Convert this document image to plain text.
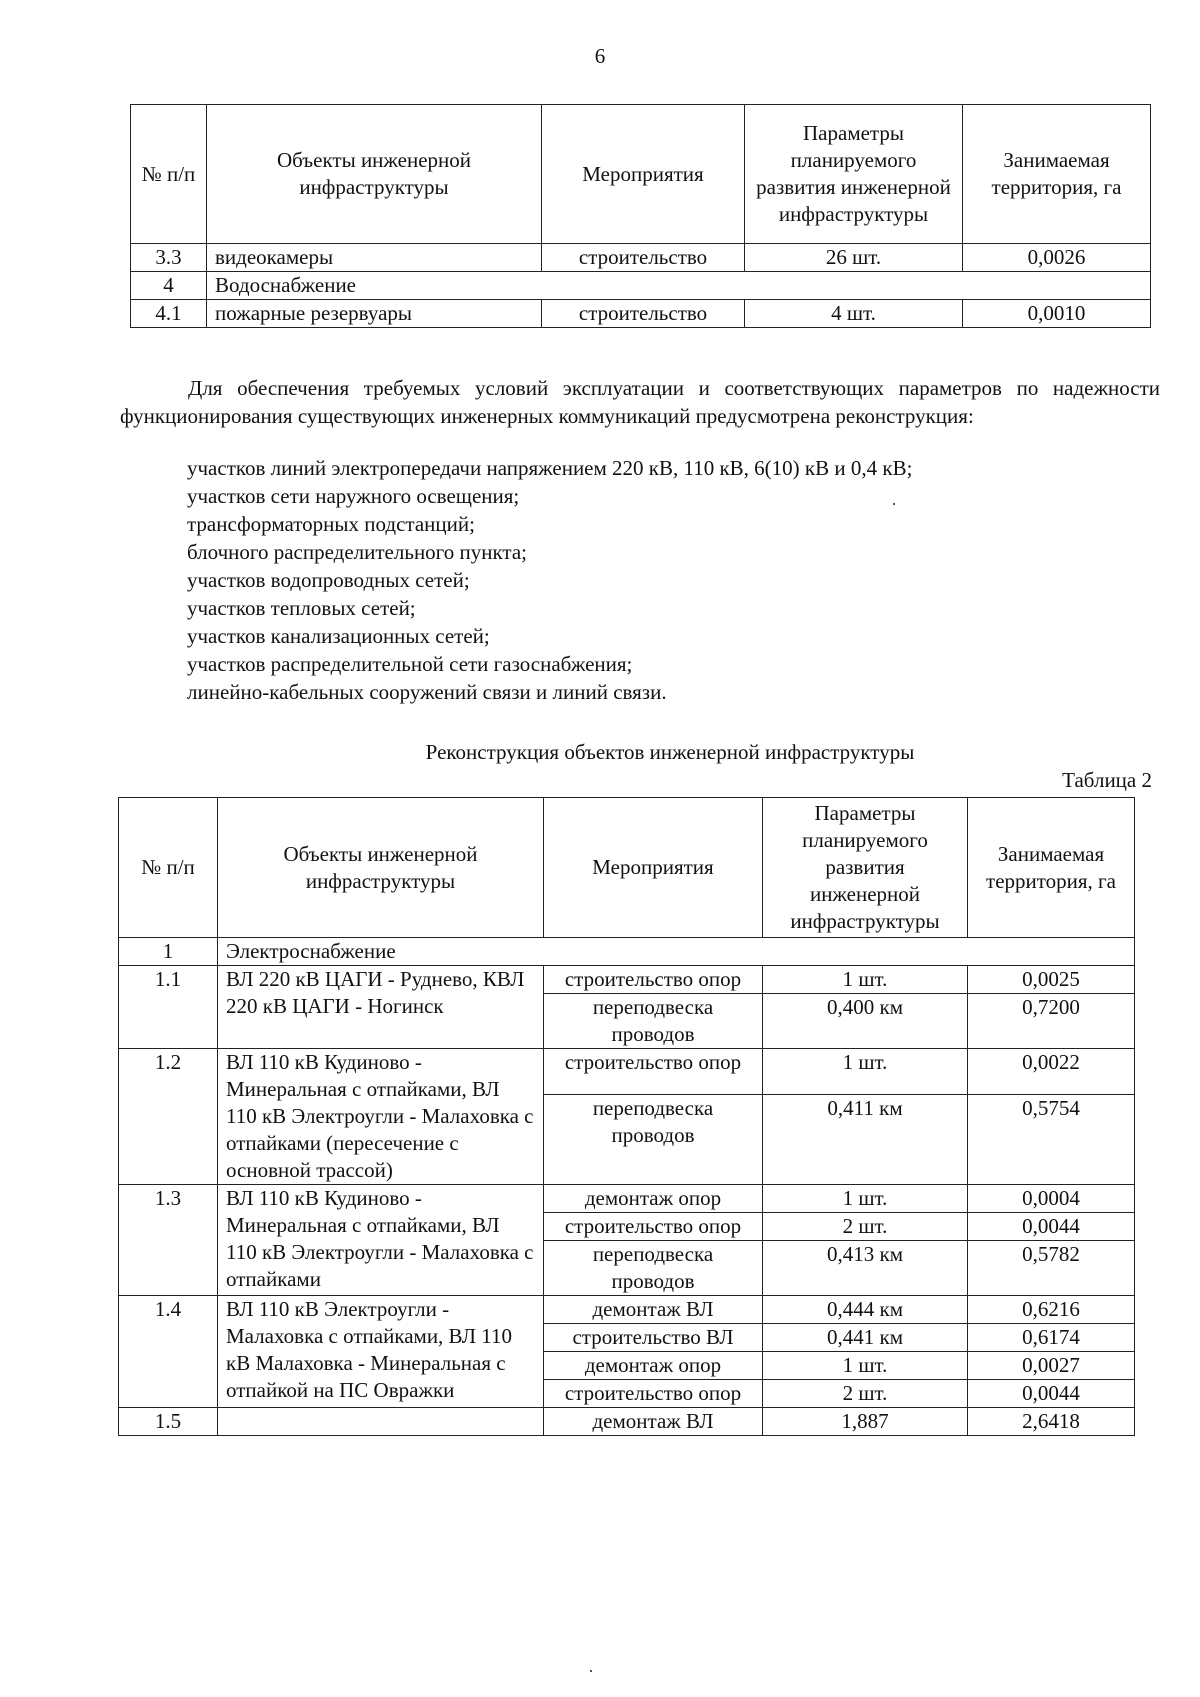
6
№ п/п	Объекты инженерной инфраструктуры	Мероприятия	Параметры планируемого развития инженерной инфраструктуры	Занимаемая территория, га
3.3	видеокамеры	строительство	26 шт.	0,0026
4	Водоснабжение			
4.1	пожарные резервуары	строительство	4 шт.	0,0010
Для обеспечения требуемых условий эксплуатации и соответствующих параметров по надежности функционирования существующих инженерных коммуникаций предусмотрена реконструкция:
участков линий электропередачи напряжением 220 кВ, 110 кВ, 6(10) кВ и 0,4 кВ;
участков сети наружного освещения;
трансформаторных подстанций;
блочного распределительного пункта;
участков водопроводных сетей;
участков тепловых сетей;
участков канализационных сетей;
участков распределительной сети газоснабжения;
линейно-кабельных сооружений связи и линий связи.
Реконструкция объектов инженерной инфраструктуры
Таблица 2
№ п/п	Объекты инженерной инфраструктуры	Мероприятия	Параметры планируемого развития инженерной инфраструктуры	Занимаемая территория, га
1	Электроснабжение			
1.1	ВЛ 220 кВ ЦАГИ - Руднево, КВЛ 220 кВ ЦАГИ - Ногинск	строительство опор	1 шт.	0,0025
		переподвеска проводов	0,400 км	0,7200
1.2	ВЛ 110 кВ Кудиново - Минеральная с отпайками, ВЛ 110 кВ Электроугли - Малаховка с отпайками (пересечение с основной трассой)	строительство опор	1 шт.	0,0022
		переподвеска проводов	0,411 км	0,5754
1.3	ВЛ 110 кВ Кудиново - Минеральная с отпайками, ВЛ 110 кВ Электроугли - Малаховка с отпайками	демонтаж опор	1 шт.	0,0004
		строительство опор	2 шт.	0,0044
		переподвеска проводов	0,413 км	0,5782
1.4	ВЛ 110 кВ Электроугли - Малаховка с отпайками, ВЛ 110 кВ Малаховка - Минеральная с отпайкой на ПС Овражки	демонтаж ВЛ	0,444 км	0,6216
		строительство ВЛ	0,441 км	0,6174
		демонтаж опор	1 шт.	0,0027
		строительство опор	2 шт.	0,0044
1.5		демонтаж ВЛ	1,887	2,6418
